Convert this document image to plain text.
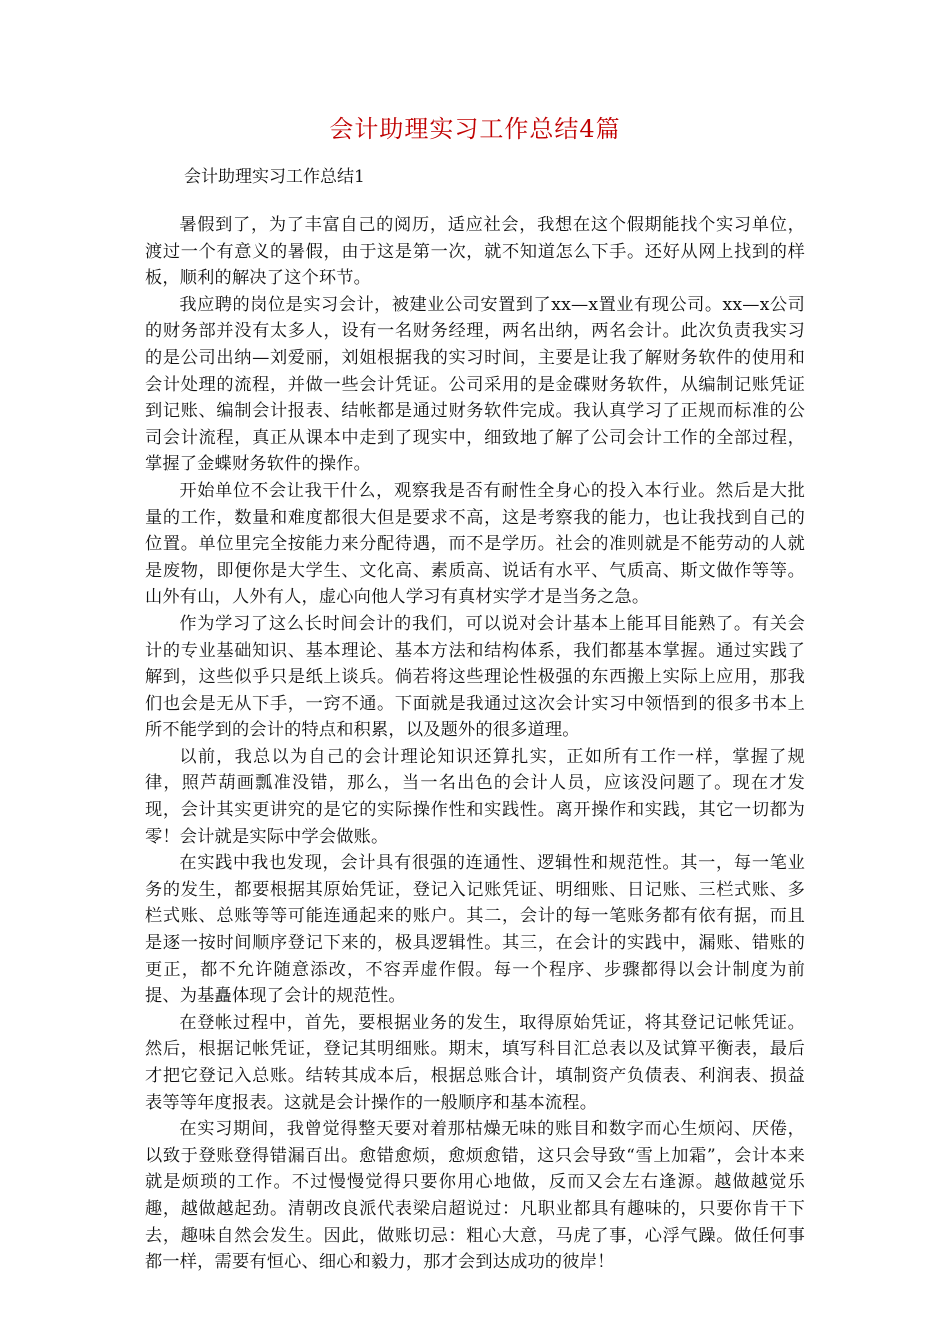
会计助理实习工作总结4篇
会计助理实习工作总结1

暑假到了，为了丰富自己的阅历，适应社会，我想在这个假期能找个实习单位，渡过一个有意义的暑假，由于这是第一次，就不知道怎么下手。还好从网上找到的样板，顺利的解决了这个环节。

我应聘的岗位是实习会计，被建业公司安置到了xx—x置业有现公司。xx—x公司的财务部并没有太多人，设有一名财务经理，两名出纳，两名会计。此次负责我实习的是公司出纳—刘爱丽，刘姐根据我的实习时间，主要是让我了解财务软件的使用和会计处理的流程，并做一些会计凭证。公司采用的是金碟财务软件，从编制记账凭证到记账、编制会计报表、结帐都是通过财务软件完成。我认真学习了正规而标准的公司会计流程，真正从课本中走到了现实中，细致地了解了公司会计工作的全部过程，掌握了金蝶财务软件的操作。

开始单位不会让我干什么，观察我是否有耐性全身心的投入本行业。然后是大批量的工作，数量和难度都很大但是要求不高，这是考察我的能力，也让我找到自己的位置。单位里完全按能力来分配待遇，而不是学历。社会的准则就是不能劳动的人就是废物，即便你是大学生、文化高、素质高、说话有水平、气质高、斯文做作等等。山外有山，人外有人，虚心向他人学习有真材实学才是当务之急。

作为学习了这么长时间会计的我们，可以说对会计基本上能耳目能熟了。有关会计的专业基础知识、基本理论、基本方法和结构体系，我们都基本掌握。通过实践了解到，这些似乎只是纸上谈兵。倘若将这些理论性极强的东西搬上实际上应用，那我们也会是无从下手，一窍不通。下面就是我通过这次会计实习中领悟到的很多书本上所不能学到的会计的特点和积累，以及题外的很多道理。

以前，我总以为自己的会计理论知识还算扎实，正如所有工作一样，掌握了规律，照芦葫画瓢准没错，那么，当一名出色的会计人员，应该没问题了。现在才发现，会计其实更讲究的是它的实际操作性和实践性。离开操作和实践，其它一切都为零！会计就是实际中学会做账。

在实践中我也发现，会计具有很强的连通性、逻辑性和规范性。其一，每一笔业务的发生，都要根据其原始凭证，登记入记账凭证、明细账、日记账、三栏式账、多栏式账、总账等等可能连通起来的账户。其二，会计的每一笔账务都有依有据，而且是逐一按时间顺序登记下来的，极具逻辑性。其三，在会计的实践中，漏账、错账的更正，都不允许随意添改，不容弄虚作假。每一个程序、步骤都得以会计制度为前提、为基矗体现了会计的规范性。

在登帐过程中，首先，要根据业务的发生，取得原始凭证，将其登记记帐凭证。然后，根据记帐凭证，登记其明细账。期末，填写科目汇总表以及试算平衡表，最后才把它登记入总账。结转其成本后，根据总账合计，填制资产负债表、利润表、损益表等等年度报表。这就是会计操作的一般顺序和基本流程。

在实习期间，我曾觉得整天要对着那枯燥无味的账目和数字而心生烦闷、厌倦，以致于登账登得错漏百出。愈错愈烦，愈烦愈错，这只会导致“雪上加霜”，会计本来就是烦琐的工作。不过慢慢觉得只要你用心地做，反而又会左右逢源。越做越觉乐趣，越做越起劲。清朝改良派代表梁启超说过：凡职业都具有趣味的，只要你肯干下去，趣味自然会发生。因此，做账切忌：粗心大意，马虎了事，心浮气躁。做任何事都一样，需要有恒心、细心和毅力，那才会到达成功的彼岸！
